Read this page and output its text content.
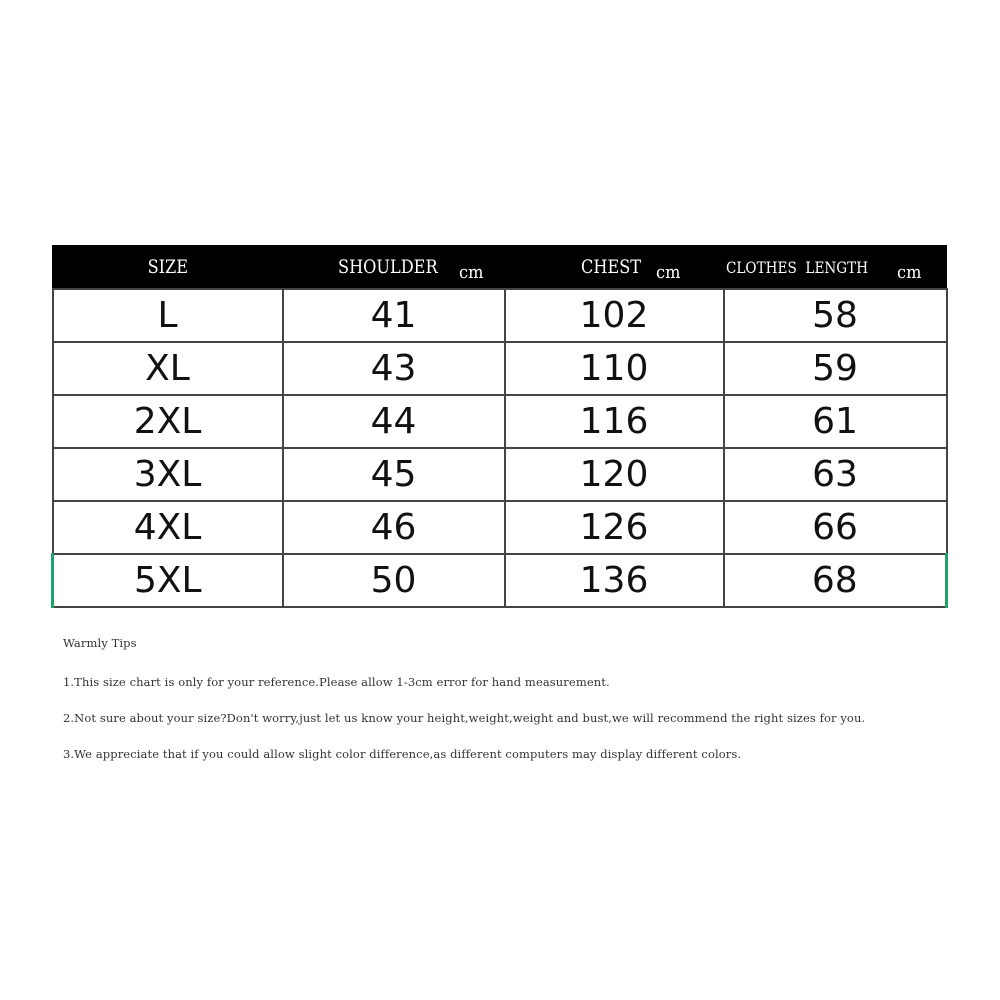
SIZE	SHOULDER cm	CHEST cm	CLOTHES  LENGTH cm
L	41	102	58
XL	43	110	59
2XL	44	116	61
3XL	45	120	63
4XL	46	126	66
5XL	50	136	68
Warmly Tips
1.This size chart is only for your reference.Please allow 1-3cm error for hand measurement.
2.Not sure about your size?Don't worry,just let us know your height,weight,weight and bust,we will recommend the right sizes for you.
3.We appreciate that if you could allow slight color difference,as different computers may display different colors.
